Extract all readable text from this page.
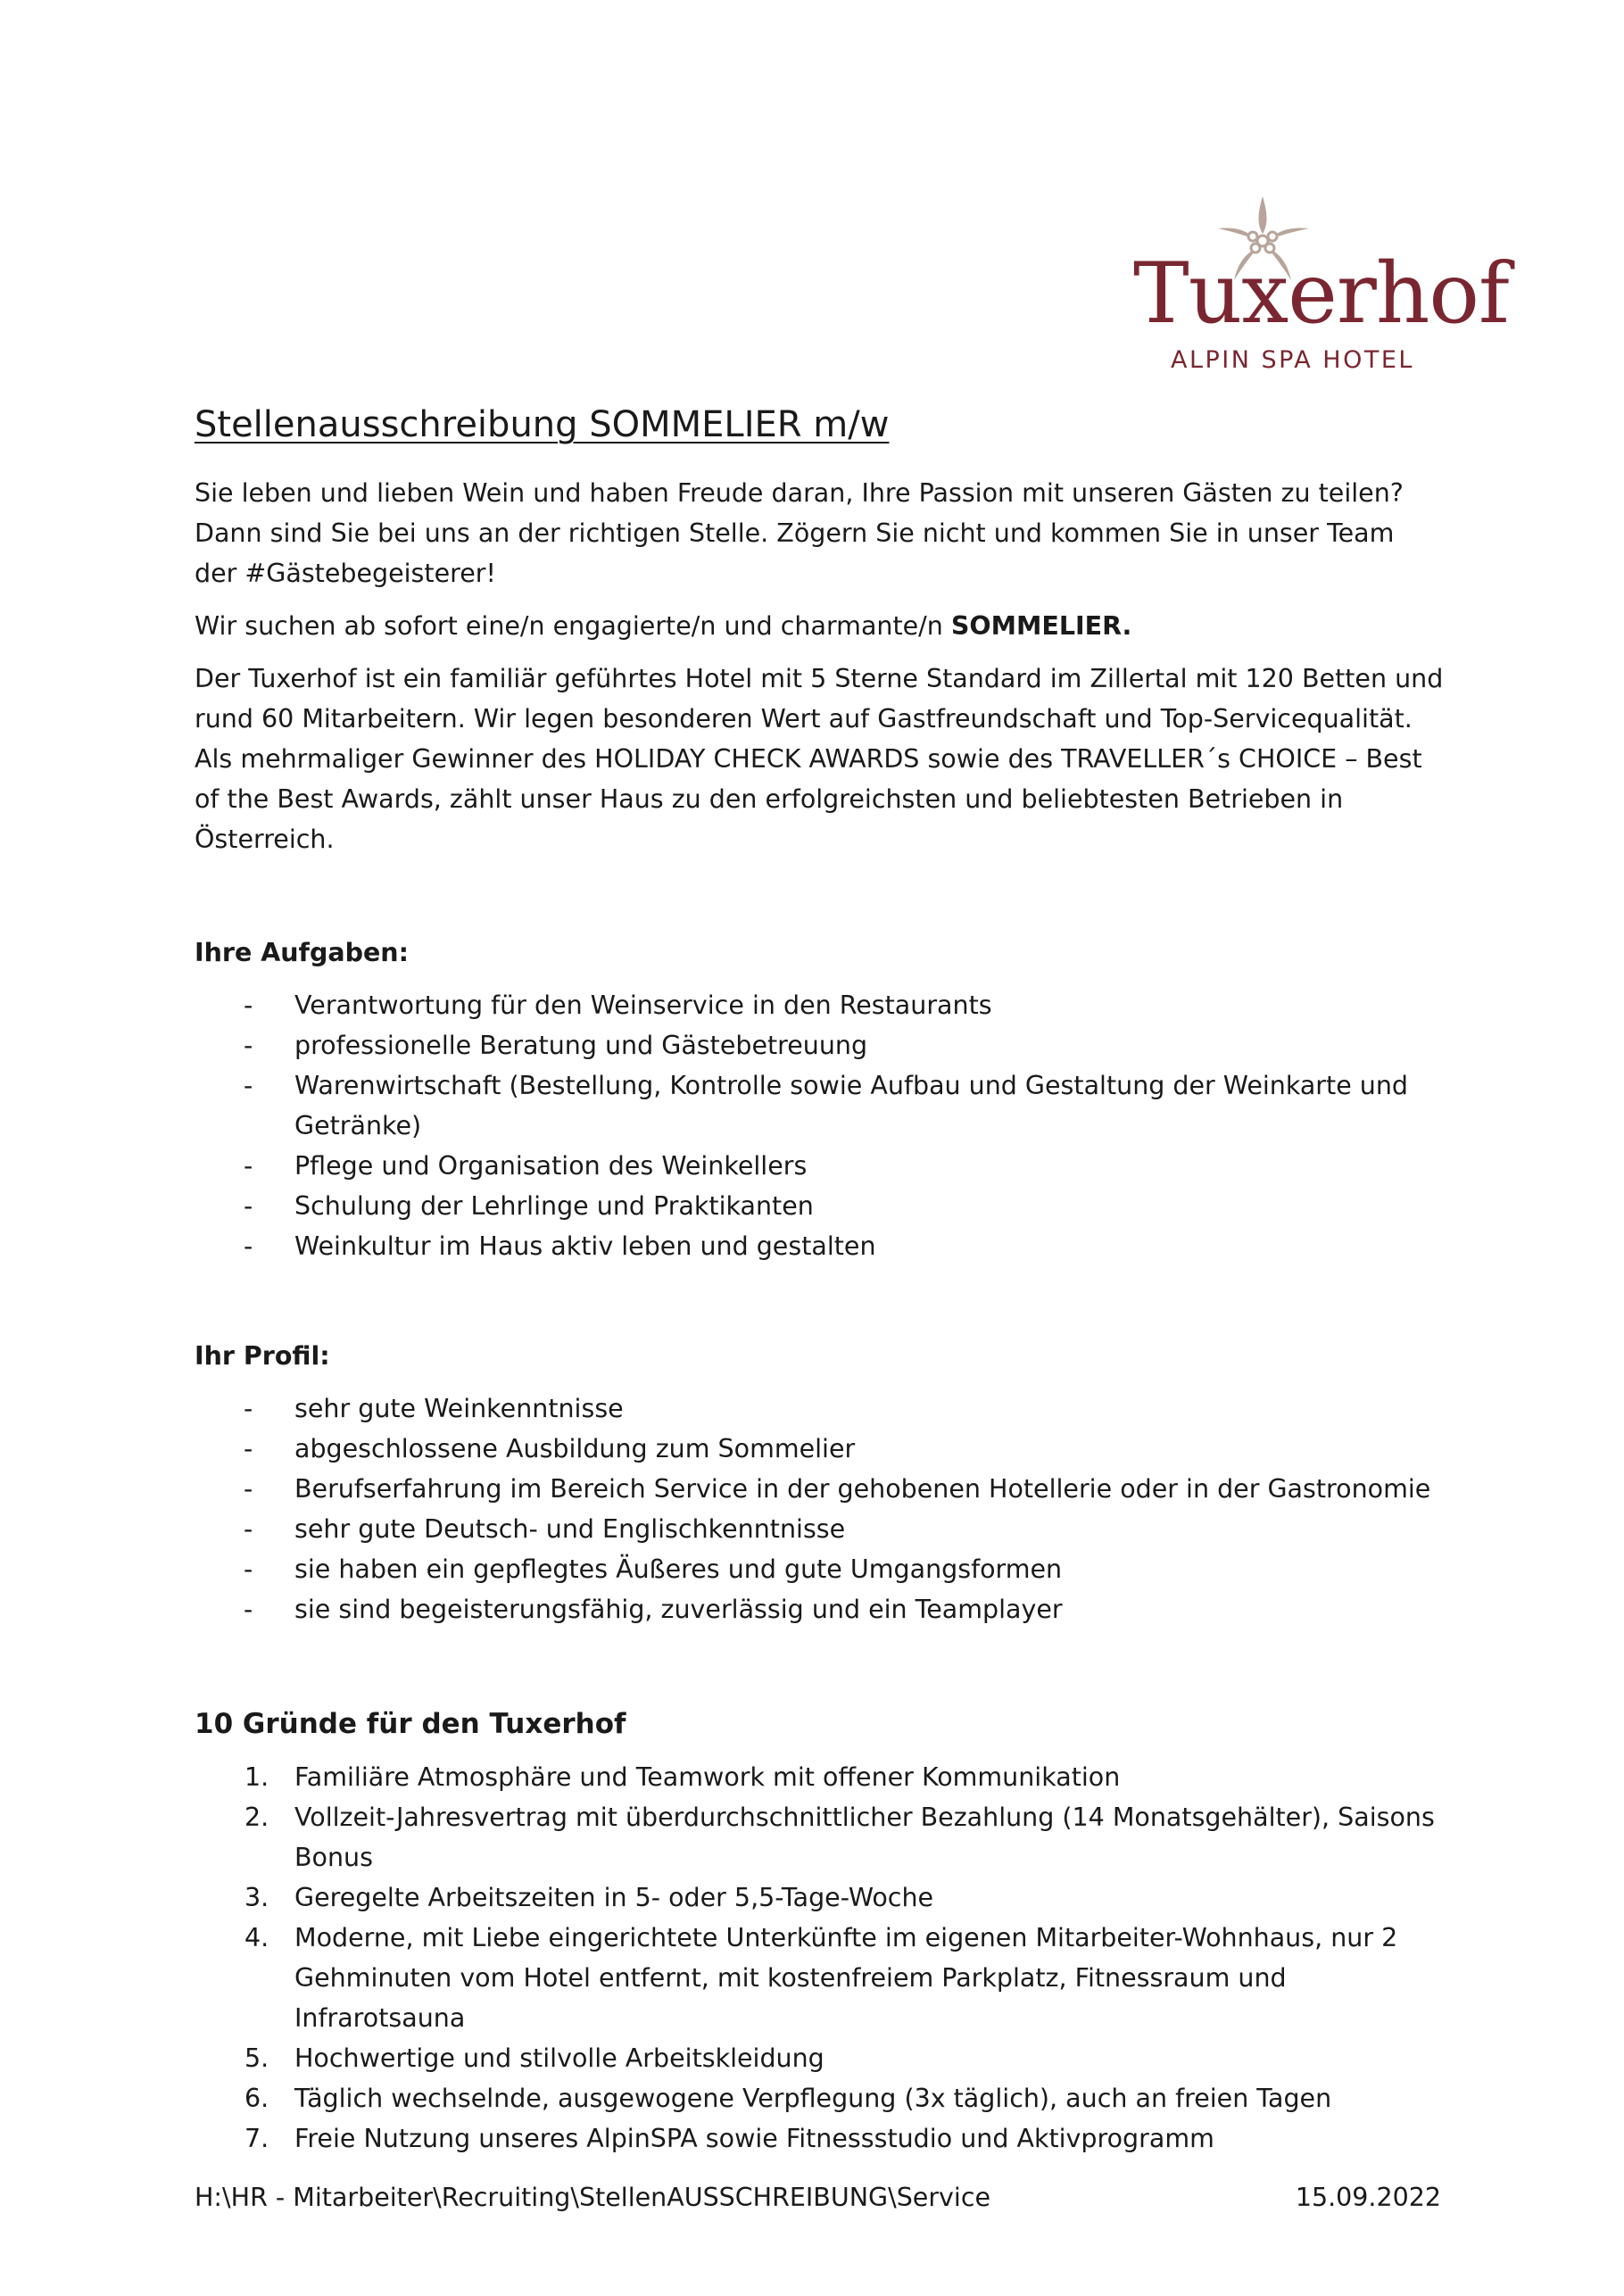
Tuxerhof
ALPIN SPA HOTEL
Stellenausschreibung SOMMELIER m/w

Sie leben und lieben Wein und haben Freude daran, Ihre Passion mit unseren Gästen zu teilen? Dann sind Sie bei uns an der richtigen Stelle. Zögern Sie nicht und kommen Sie in unser Team der #Gästebegeisterer!

Wir suchen ab sofort eine/n engagierte/n und charmante/n SOMMELIER.

Der Tuxerhof ist ein familiär geführtes Hotel mit 5 Sterne Standard im Zillertal mit 120 Betten und rund 60 Mitarbeitern. Wir legen besonderen Wert auf Gastfreundschaft und Top-Servicequalität. Als mehrmaliger Gewinner des HOLIDAY CHECK AWARDS sowie des TRAVELLER´s CHOICE – Best of the Best Awards, zählt unser Haus zu den erfolgreichsten und beliebtesten Betrieben in Österreich.

Ihre Aufgaben:

- Verantwortung für den Weinservice in den Restaurants
- professionelle Beratung und Gästebetreuung
- Warenwirtschaft (Bestellung, Kontrolle sowie Aufbau und Gestaltung der Weinkarte und Getränke)
- Pflege und Organisation des Weinkellers
- Schulung der Lehrlinge und Praktikanten
- Weinkultur im Haus aktiv leben und gestalten

Ihr Profil:

- sehr gute Weinkenntnisse
- abgeschlossene Ausbildung zum Sommelier
- Berufserfahrung im Bereich Service in der gehobenen Hotellerie oder in der Gastronomie
- sehr gute Deutsch- und Englischkenntnisse
- sie haben ein gepflegtes Äußeres und gute Umgangsformen
- sie sind begeisterungsfähig, zuverlässig und ein Teamplayer

10 Gründe für den Tuxerhof

1. Familiäre Atmosphäre und Teamwork mit offener Kommunikation
2. Vollzeit-Jahresvertrag mit überdurchschnittlicher Bezahlung (14 Monatsgehälter), Saisons Bonus
3. Geregelte Arbeitszeiten in 5- oder 5,5-Tage-Woche
4. Moderne, mit Liebe eingerichtete Unterkünfte im eigenen Mitarbeiter-Wohnhaus, nur 2 Gehminuten vom Hotel entfernt, mit kostenfreiem Parkplatz, Fitnessraum und Infrarotsauna
5. Hochwertige und stilvolle Arbeitskleidung
6. Täglich wechselnde, ausgewogene Verpflegung (3x täglich), auch an freien Tagen
7. Freie Nutzung unseres AlpinSPA sowie Fitnessstudio und Aktivprogramm
H:\HR - Mitarbeiter\Recruiting\StellenAUSSCHREIBUNG\Service	15.09.2022
